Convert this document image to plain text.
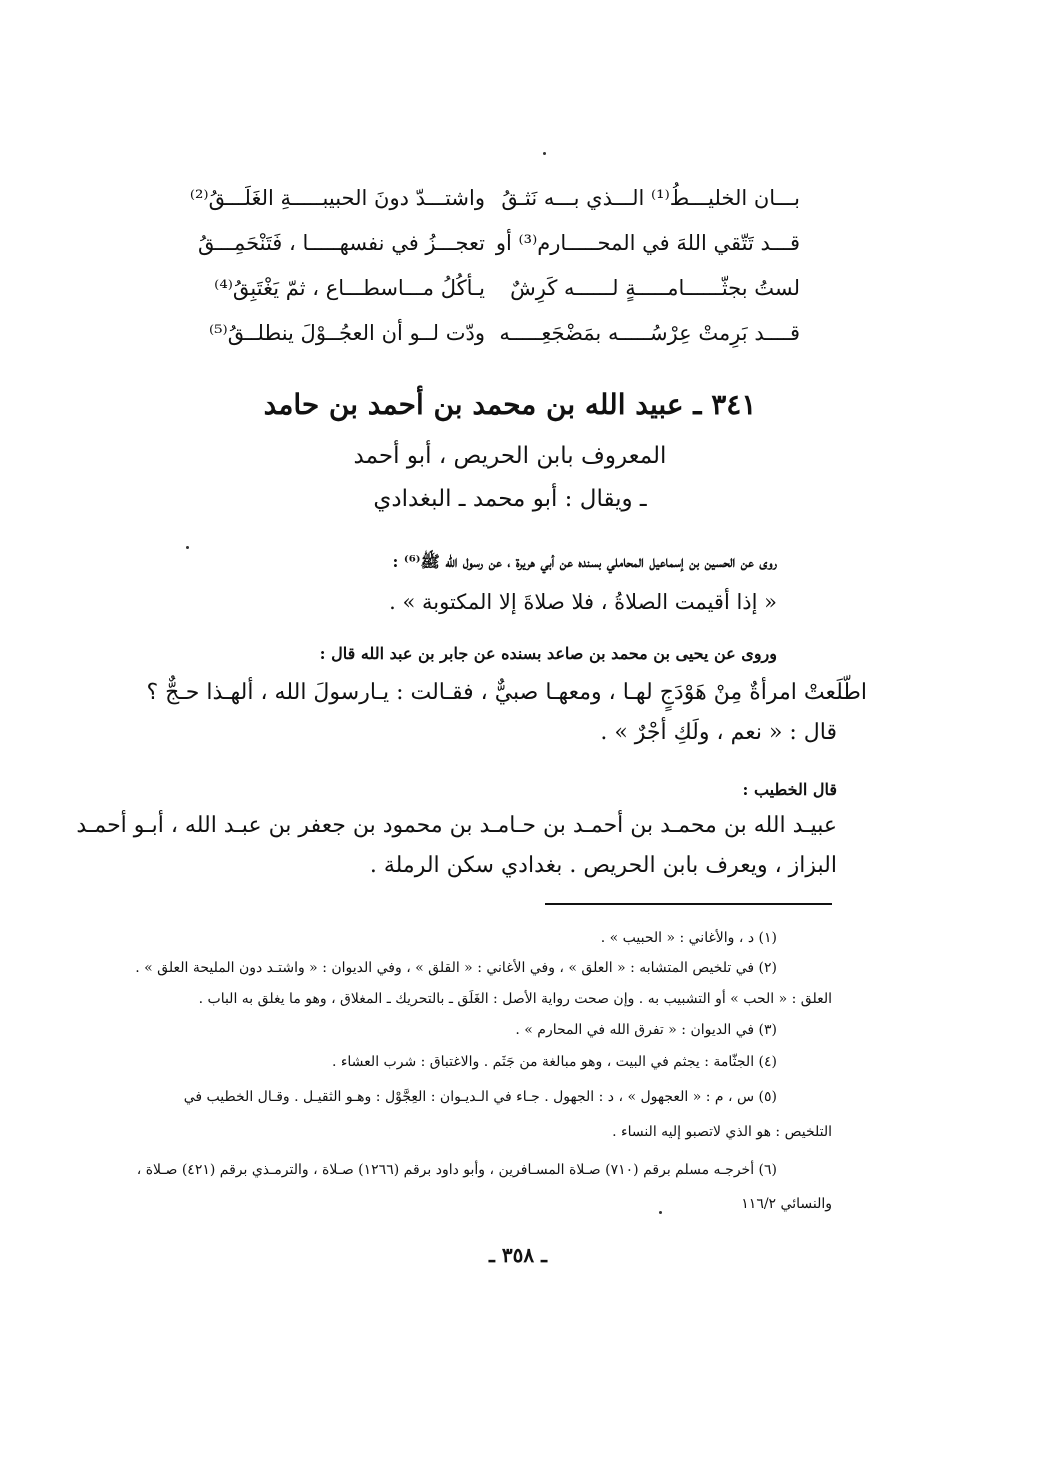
بـــان الخليـــطُ⁽¹⁾ الـــذي بـــه نَثـقُ
واشتـــدّ دونَ الحبيبـــــةِ الغَلَـــقُ⁽²⁾
قـــد تَتّقي اللهَ في المحـــــارم⁽³⁾ أو
تعجـــزُ في نفسهـــــا ، فَتَنْحَمِـــقُ
لستُ بجثّــــــامـــــةٍ لــــــه كَرِشٌ
يـأكُلُ مـــاسطـــاع ، ثمّ يَغْتَبِقُ⁽⁴⁾
قــــد بَرِمتْ عِرْسُـــــه بمَضْجَعِـــــه
ودّت لــو أن العجُــوْلَ ينطلــقُ⁽⁵⁾
٣٤١ ـ عبيد الله بن محمد بن أحمد بن حامد
المعروف بابن الحريص ، أبو أحمد
ـ ويقال : أبو محمد ـ البغدادي
روى عن الحسين بن إسماعيل المحاملي بسنده عن أبي هريرة ، عن رسول الله ﷺ⁽⁶⁾ :
« إذا أقيمت الصلاةُ ، فلا صلاةَ إلا المكتوبة » .
وروى عن يحيى بن محمد بن صاعد بسنده عن جابر بن عبد الله قال :
اطّلَعتْ امرأةٌ مِنْ هَوْدَجٍ لهـا ، ومعهـا صبيٌّ ، فقـالت : يـارسولَ الله ، ألهـذا حـجٌّ ؟
قال : « نعم ، ولَكِ أجْرٌ » .
قال الخطيب :
عبيـد الله بن محمـد بن أحمـد بن حـامـد بن محمود بن جعفر بن عبـد الله ، أبـو أحمـد
البزاز ، ويعرف بابن الحريص . بغدادي سكن الرملة .
(١) د ، والأغاني : « الحبيب » .
(٢) في تلخيص المتشابه : « العلق » ، وفي الأغاني : « القلق » ، وفي الديوان : « واشتـد دون المليحة العلق » .
العلق : « الحب » أو التشبيب به . وإن صحت رواية الأصل : الغَلَق ـ بالتحريك ـ المغلاق ، وهو ما يغلق به الباب .
(٣) في الديوان : « تفرق الله في المحارم » .
(٤) الجثّامة : يجثم في البيت ، وهو مبالغة من جَثَم . والاغتباق : شرب العشاء .
(٥) س ، م : « العجهول » ، د : الجهول . جـاء في الـديـوان : العِجَّوْل : وهـو الثقيـل . وقـال الخطيب في
التلخيص : هو الذي لاتصبو إليه النساء .
(٦) أخرجـه مسلم برقم (٧١٠) صـلاة المسـافرين ، وأبو داود برقم (١٢٦٦) صـلاة ، والترمـذي برقم (٤٢١) صـلاة ،
والنسائي ١١٦/٢
ـ ٣٥٨ ـ
